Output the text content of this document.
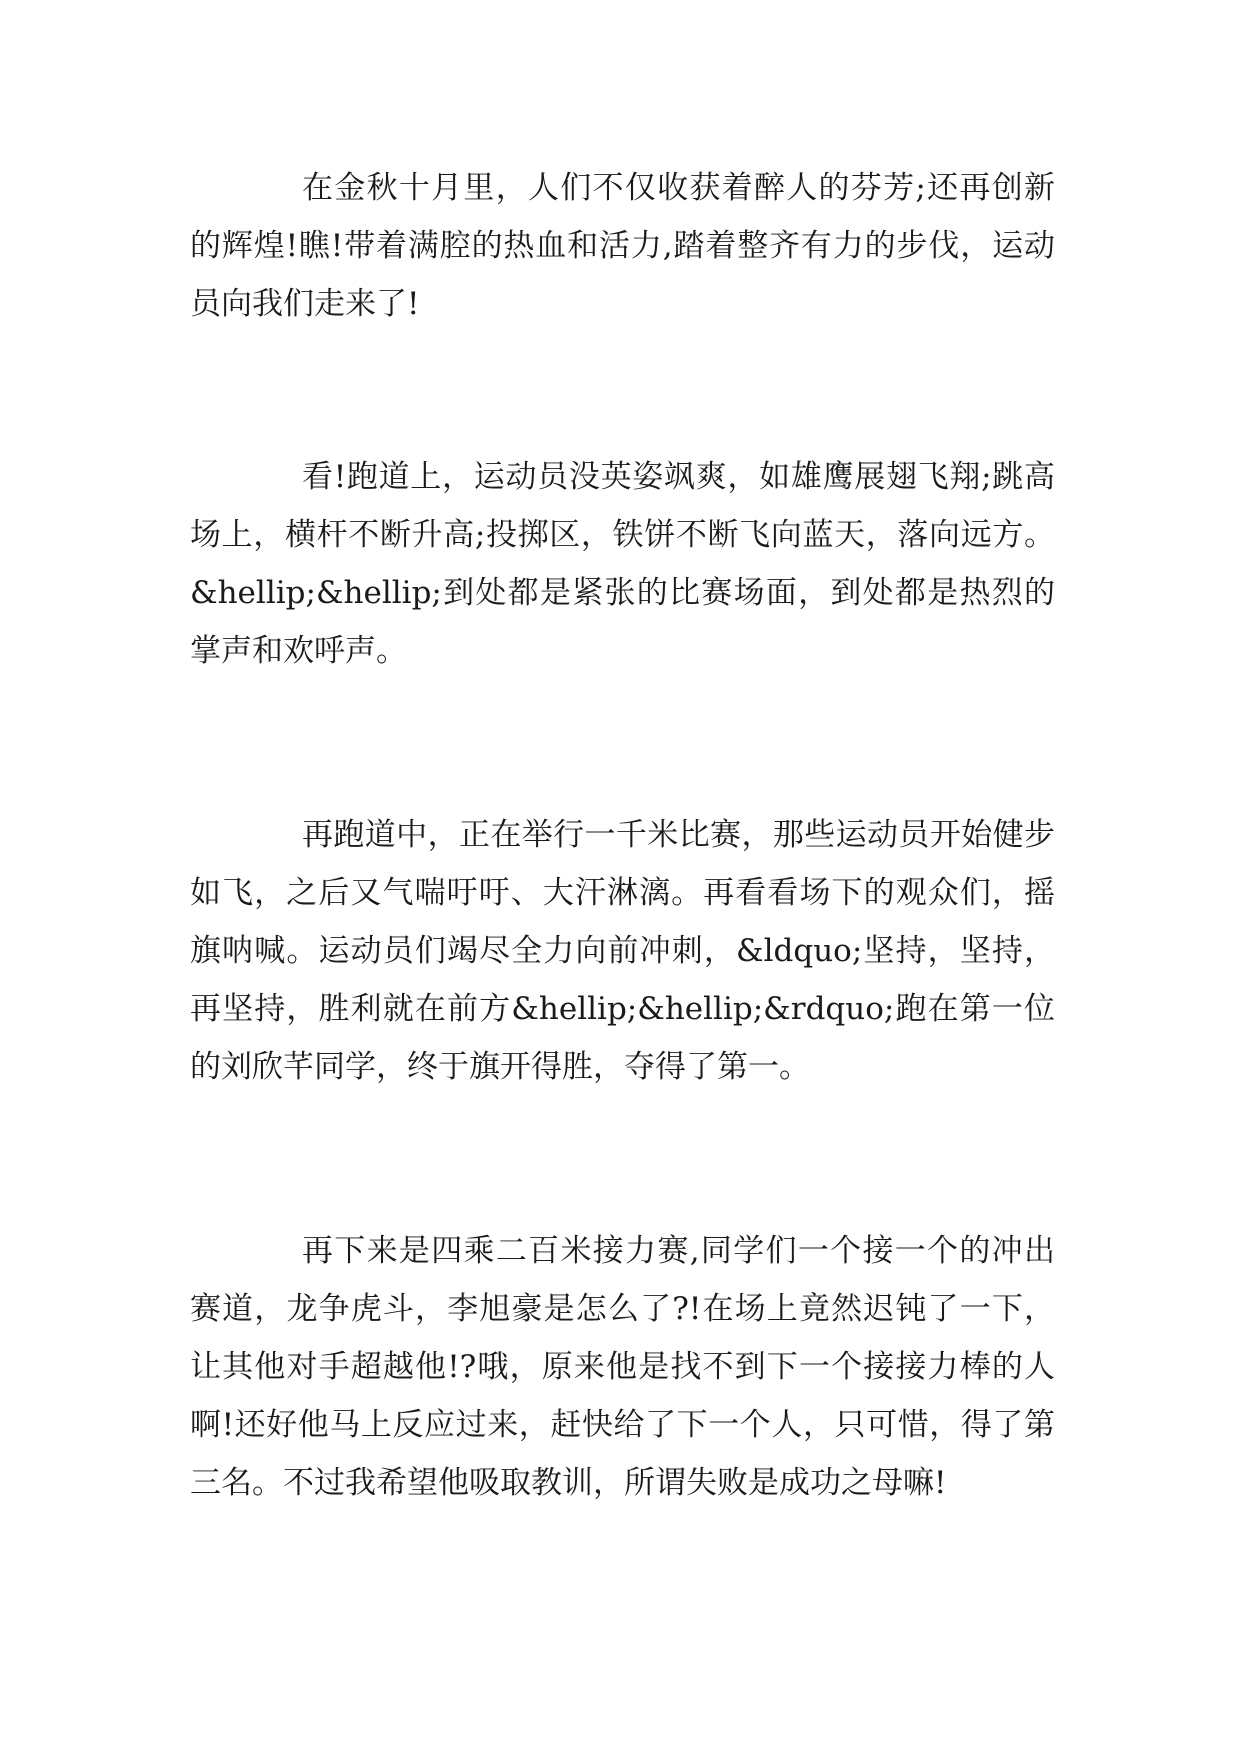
在金秋十月里，人们不仅收获着醉人的芬芳;还再创新的辉煌!瞧!带着满腔的热血和活力,踏着整齐有力的步伐，运动员向我们走来了!

看!跑道上，运动员没英姿飒爽，如雄鹰展翅飞翔;跳高场上，横杆不断升高;投掷区，铁饼不断飞向蓝天，落向远方。&hellip;&hellip;到处都是紧张的比赛场面，到处都是热烈的掌声和欢呼声。

再跑道中，正在举行一千米比赛，那些运动员开始健步如飞，之后又气喘吁吁、大汗淋漓。再看看场下的观众们，摇旗呐喊。运动员们竭尽全力向前冲刺，&ldquo;坚持，坚持，再坚持，胜利就在前方&hellip;&hellip;&rdquo;跑在第一位的刘欣芊同学，终于旗开得胜，夺得了第一。

再下来是四乘二百米接力赛,同学们一个接一个的冲出赛道，龙争虎斗，李旭豪是怎么了?!在场上竟然迟钝了一下，让其他对手超越他!?哦，原来他是找不到下一个接接力棒的人啊!还好他马上反应过来，赶快给了下一个人，只可惜，得了第三名。不过我希望他吸取教训，所谓失败是成功之母嘛!
